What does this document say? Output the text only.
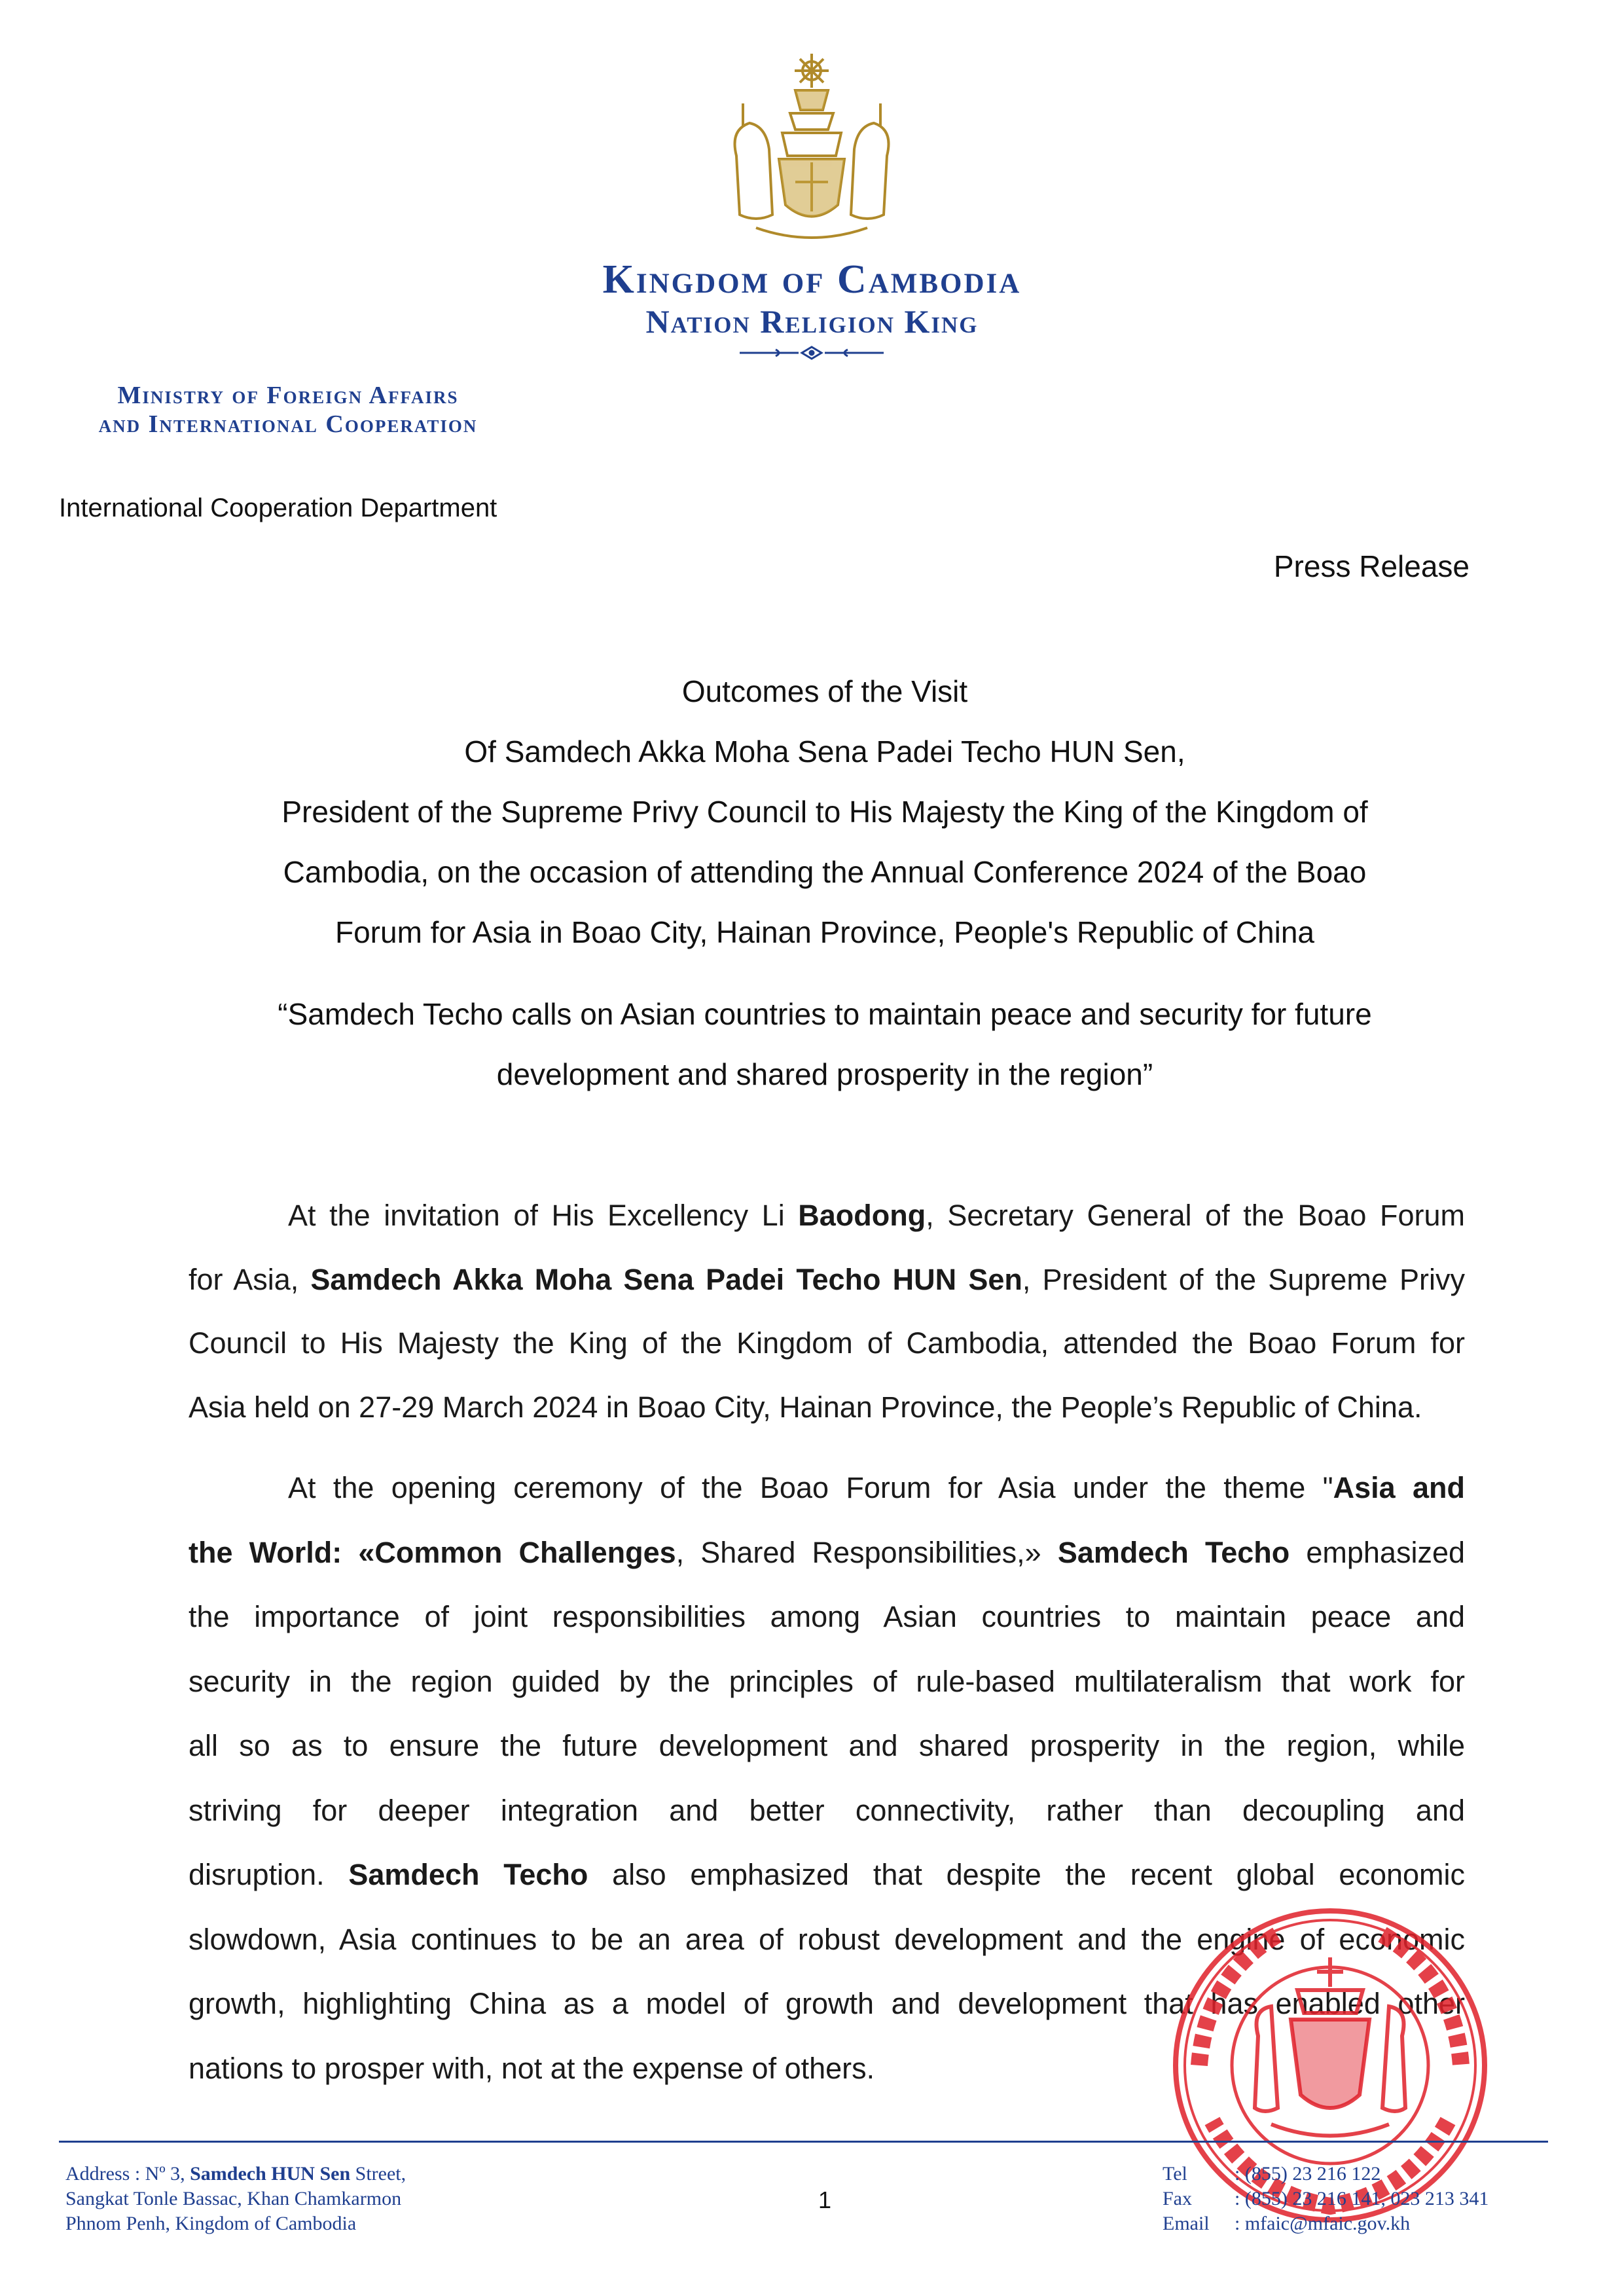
Kingdom of Cambodia
Nation Religion King
Ministry of Foreign Affairs
and International Cooperation
International Cooperation Department
Press Release
Outcomes of the Visit
Of Samdech Akka Moha Sena Padei Techo HUN Sen,
President of the Supreme Privy Council to His Majesty the King of the Kingdom of
Cambodia, on the occasion of attending the Annual Conference 2024 of the Boao
Forum for Asia in Boao City, Hainan Province, People's Republic of China
“Samdech Techo calls on Asian countries to maintain peace and security for future
development and shared prosperity in the region”
At the invitation of His Excellency Li Baodong, Secretary General of the Boao Forum
for Asia, Samdech Akka Moha Sena Padei Techo HUN Sen, President of the Supreme Privy
Council to His Majesty the King of the Kingdom of Cambodia, attended the Boao Forum for
Asia held on 27-29 March 2024 in Boao City, Hainan Province, the People’s Republic of China.
At the opening ceremony of the Boao Forum for Asia under the theme "Asia and
the World: «Common Challenges, Shared Responsibilities,» Samdech Techo emphasized
the importance of joint responsibilities among Asian countries to maintain peace and
security in the region guided by the principles of rule-based multilateralism that work for
all so as to ensure the future development and shared prosperity in the region, while
striving for deeper integration and better connectivity, rather than decoupling and
disruption. Samdech Techo also emphasized that despite the recent global economic
slowdown, Asia continues to be an area of robust development and the engine of economic
growth, highlighting China as a model of growth and development that has enabled other
nations to prosper with, not at the expense of others.
Address : Nº 3, Samdech HUN Sen Street,
Sangkat Tonle Bassac, Khan Chamkarmon
Phnom Penh, Kingdom of Cambodia
1
Tel : (855) 23 216 122
Fax : (855) 23 216 141, 023 213 341
Email : mfaic@mfaic.gov.kh
